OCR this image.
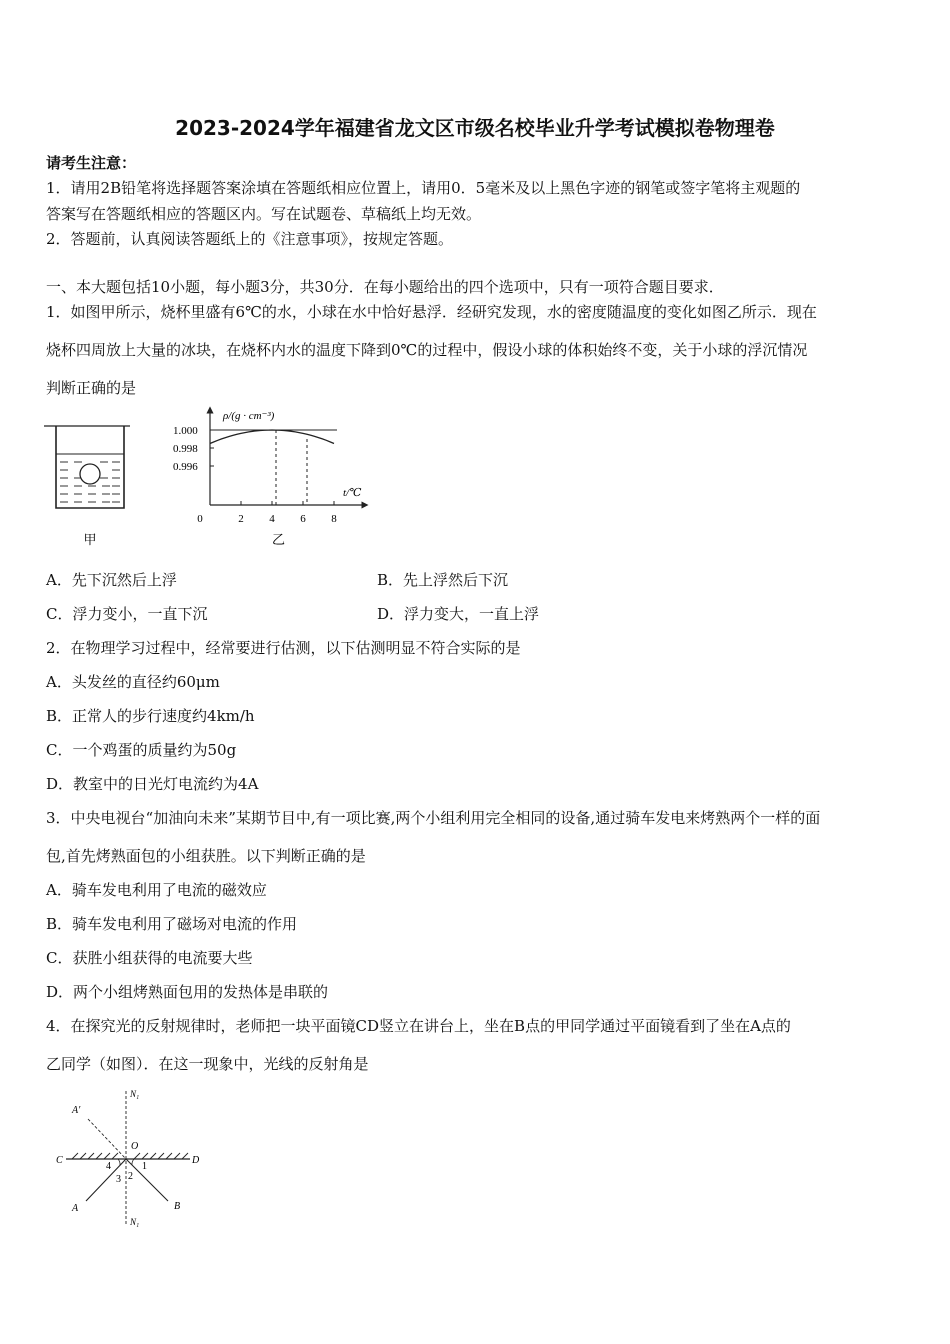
2023-2024学年福建省龙文区市级名校毕业升学考试模拟卷物理卷
请考生注意：
1．请用2B铅笔将选择题答案涂填在答题纸相应位置上，请用0．5毫米及以上黑色字迹的钢笔或签字笔将主观题的
答案写在答题纸相应的答题区内。写在试题卷、草稿纸上均无效。
2．答题前，认真阅读答题纸上的《注意事项》，按规定答题。
一、本大题包括10小题，每小题3分，共30分．在每小题给出的四个选项中，只有一项符合题目要求．
1．如图甲所示，烧杯里盛有6℃的水，小球在水中恰好悬浮．经研究发现，水的密度随温度的变化如图乙所示．现在
烧杯四周放上大量的冰块，在烧杯内水的温度下降到0℃的过程中，假设小球的体积始终不变，关于小球的浮沉情况
判断正确的是
甲
ρ/(g · cm⁻³)
t/℃
1.000
0.998
0.996
0	2 4 6 8
乙
A．先下沉然后上浮	B．先上浮然后下沉
C．浮力变小，一直下沉	D．浮力变大，一直上浮
2．在物理学习过程中，经常要进行估测，以下估测明显不符合实际的是
A．头发丝的直径约60μm
B．正常人的步行速度约4km/h
C．一个鸡蛋的质量约为50g
D．教室中的日光灯电流约为4A
3．中央电视台“加油向未来”某期节目中,有一项比赛,两个小组利用完全相同的设备,通过骑车发电来烤熟两个一样的面
包,首先烤熟面包的小组获胜。以下判断正确的是
A．骑车发电利用了电流的磁效应
B．骑车发电利用了磁场对电流的作用
C．获胜小组获得的电流要大些
D．两个小组烤熟面包用的发热体是串联的
4．在探究光的反射规律时，老师把一块平面镜CD竖立在讲台上，坐在B点的甲同学通过平面镜看到了坐在A点的
乙同学（如图）．在这一现象中，光线的反射角是
N₁
N₁
A′
O
C	D
A	B
1
2
3
4
